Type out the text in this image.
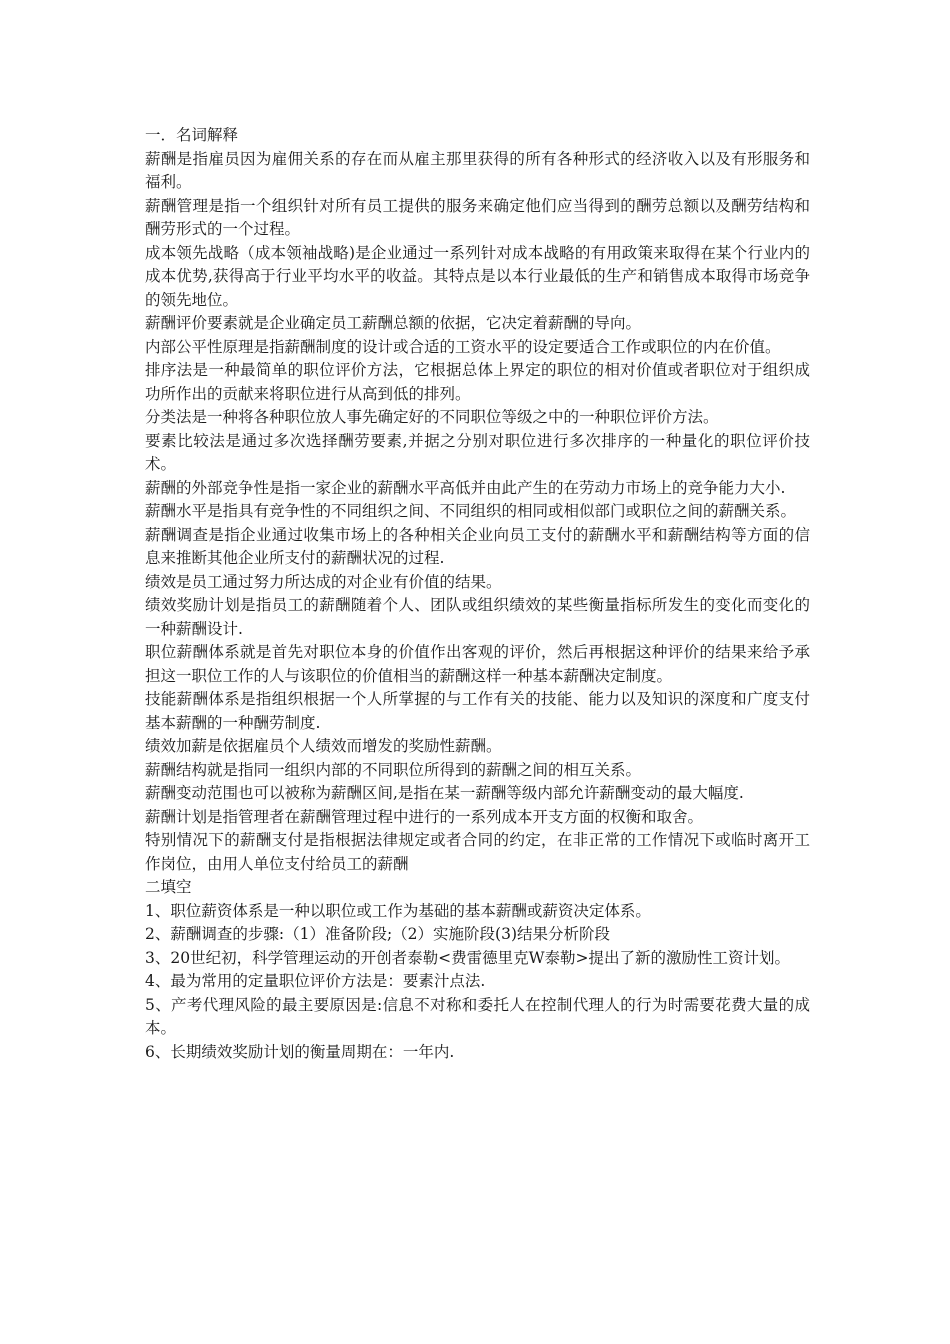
一．名词解释

薪酬是指雇员因为雇佣关系的存在而从雇主那里获得的所有各种形式的经济收入以及有形服务和福利。

薪酬管理是指一个组织针对所有员工提供的服务来确定他们应当得到的酬劳总额以及酬劳结构和酬劳形式的一个过程。

成本领先战略（成本领袖战略)是企业通过一系列针对成本战略的有用政策来取得在某个行业内的成本优势,获得高于行业平均水平的收益。其特点是以本行业最低的生产和销售成本取得市场竞争的领先地位。

薪酬评价要素就是企业确定员工薪酬总额的依据，它决定着薪酬的导向。

内部公平性原理是指薪酬制度的设计或合适的工资水平的设定要适合工作或职位的内在价值。

排序法是一种最简单的职位评价方法，它根据总体上界定的职位的相对价值或者职位对于组织成功所作出的贡献来将职位进行从高到低的排列。

分类法是一种将各种职位放人事先确定好的不同职位等级之中的一种职位评价方法。

要素比较法是通过多次选择酬劳要素,并据之分别对职位进行多次排序的一种量化的职位评价技术。

薪酬的外部竞争性是指一家企业的薪酬水平高低并由此产生的在劳动力市场上的竞争能力大小.

薪酬水平是指具有竞争性的不同组织之间、不同组织的相同或相似部门或职位之间的薪酬关系。

薪酬调查是指企业通过收集市场上的各种相关企业向员工支付的薪酬水平和薪酬结构等方面的信息来推断其他企业所支付的薪酬状况的过程.

绩效是员工通过努力所达成的对企业有价值的结果。

绩效奖励计划是指员工的薪酬随着个人、团队或组织绩效的某些衡量指标所发生的变化而变化的一种薪酬设计.

职位薪酬体系就是首先对职位本身的价值作出客观的评价，然后再根据这种评价的结果来给予承担这一职位工作的人与该职位的价值相当的薪酬这样一种基本薪酬决定制度。

技能薪酬体系是指组织根据一个人所掌握的与工作有关的技能、能力以及知识的深度和广度支付基本薪酬的一种酬劳制度.

绩效加薪是依据雇员个人绩效而增发的奖励性薪酬。

薪酬结构就是指同一组织内部的不同职位所得到的薪酬之间的相互关系。

薪酬变动范围也可以被称为薪酬区间,是指在某一薪酬等级内部允许薪酬变动的最大幅度.

薪酬计划是指管理者在薪酬管理过程中进行的一系列成本开支方面的权衡和取舍。

特别情况下的薪酬支付是指根据法律规定或者合同的约定，在非正常的工作情况下或临时离开工作岗位，由用人单位支付给员工的薪酬

二填空

1、职位薪资体系是一种以职位或工作为基础的基本薪酬或薪资决定体系。

2、薪酬调查的步骤:（1）准备阶段;（2）实施阶段(3)结果分析阶段

3、20世纪初，科学管理运动的开创者泰勒<费雷德里克W泰勒>提出了新的激励性工资计划。

4、最为常用的定量职位评价方法是：要素汁点法.

5、产考代理风险的最主要原因是:信息不对称和委托人在控制代理人的行为时需要花费大量的成本。

6、长期绩效奖励计划的衡量周期在：一年内.
